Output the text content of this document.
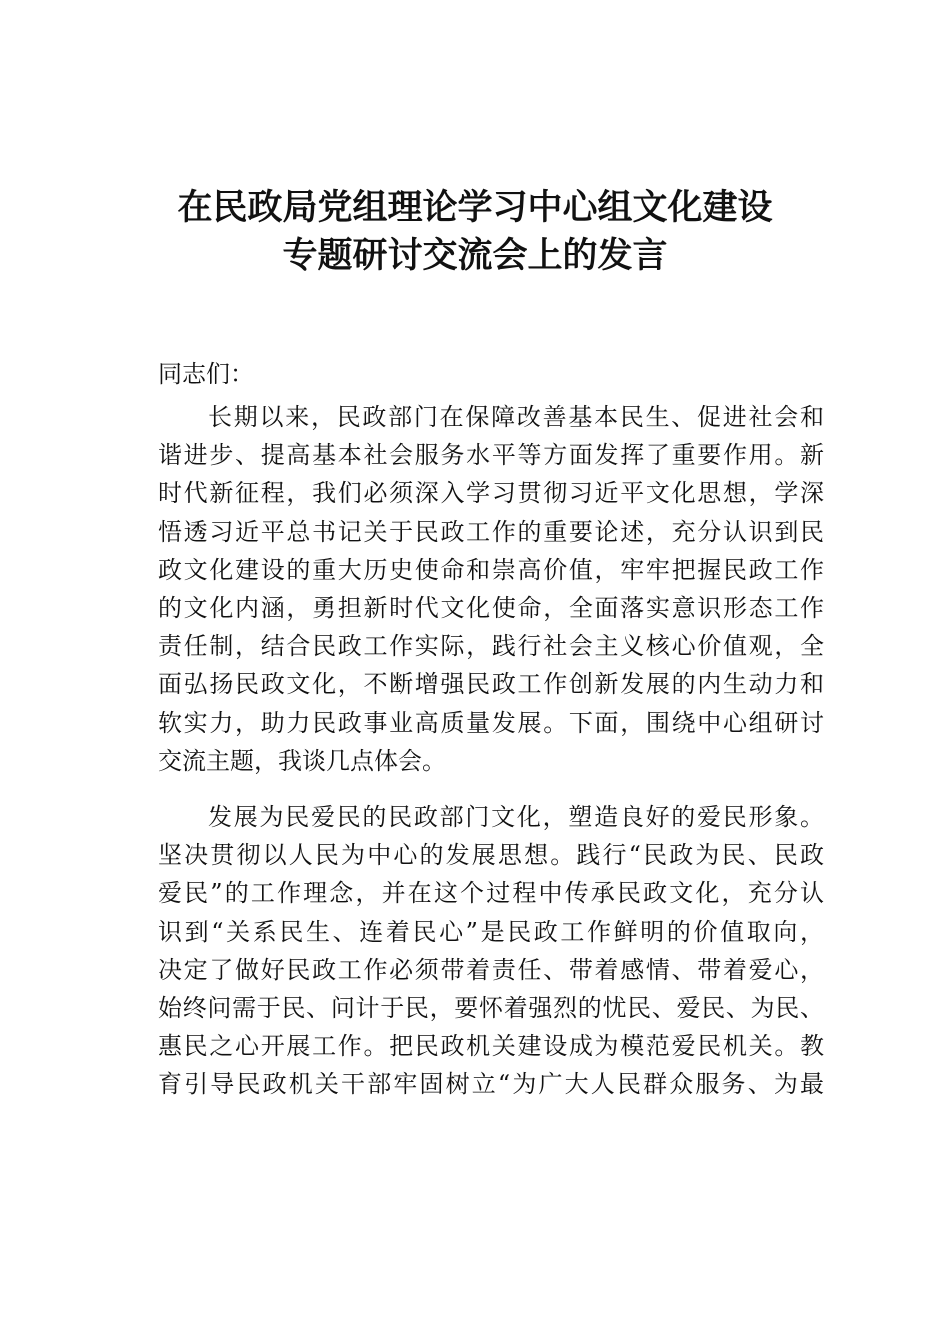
在民政局党组理论学习中心组文化建设
专题研讨交流会上的发言
同志们：
长期以来，民政部门在保障改善基本民生、促进社会和
谐进步、提高基本社会服务水平等方面发挥了重要作用。新
时代新征程，我们必须深入学习贯彻习近平文化思想，学深
悟透习近平总书记关于民政工作的重要论述，充分认识到民
政文化建设的重大历史使命和崇高价值，牢牢把握民政工作
的文化内涵，勇担新时代文化使命，全面落实意识形态工作
责任制，结合民政工作实际，践行社会主义核心价值观，全
面弘扬民政文化，不断增强民政工作创新发展的内生动力和
软实力，助力民政事业高质量发展。下面，围绕中心组研讨
交流主题，我谈几点体会。
发展为民爱民的民政部门文化，塑造良好的爱民形象。
坚决贯彻以人民为中心的发展思想。践行“民政为民、民政
爱民”的工作理念，并在这个过程中传承民政文化，充分认
识到“关系民生、连着民心”是民政工作鲜明的价值取向，
决定了做好民政工作必须带着责任、带着感情、带着爱心，
始终问需于民、问计于民，要怀着强烈的忧民、爱民、为民、
惠民之心开展工作。把民政机关建设成为模范爱民机关。教
育引导民政机关干部牢固树立“为广大人民群众服务、为最
